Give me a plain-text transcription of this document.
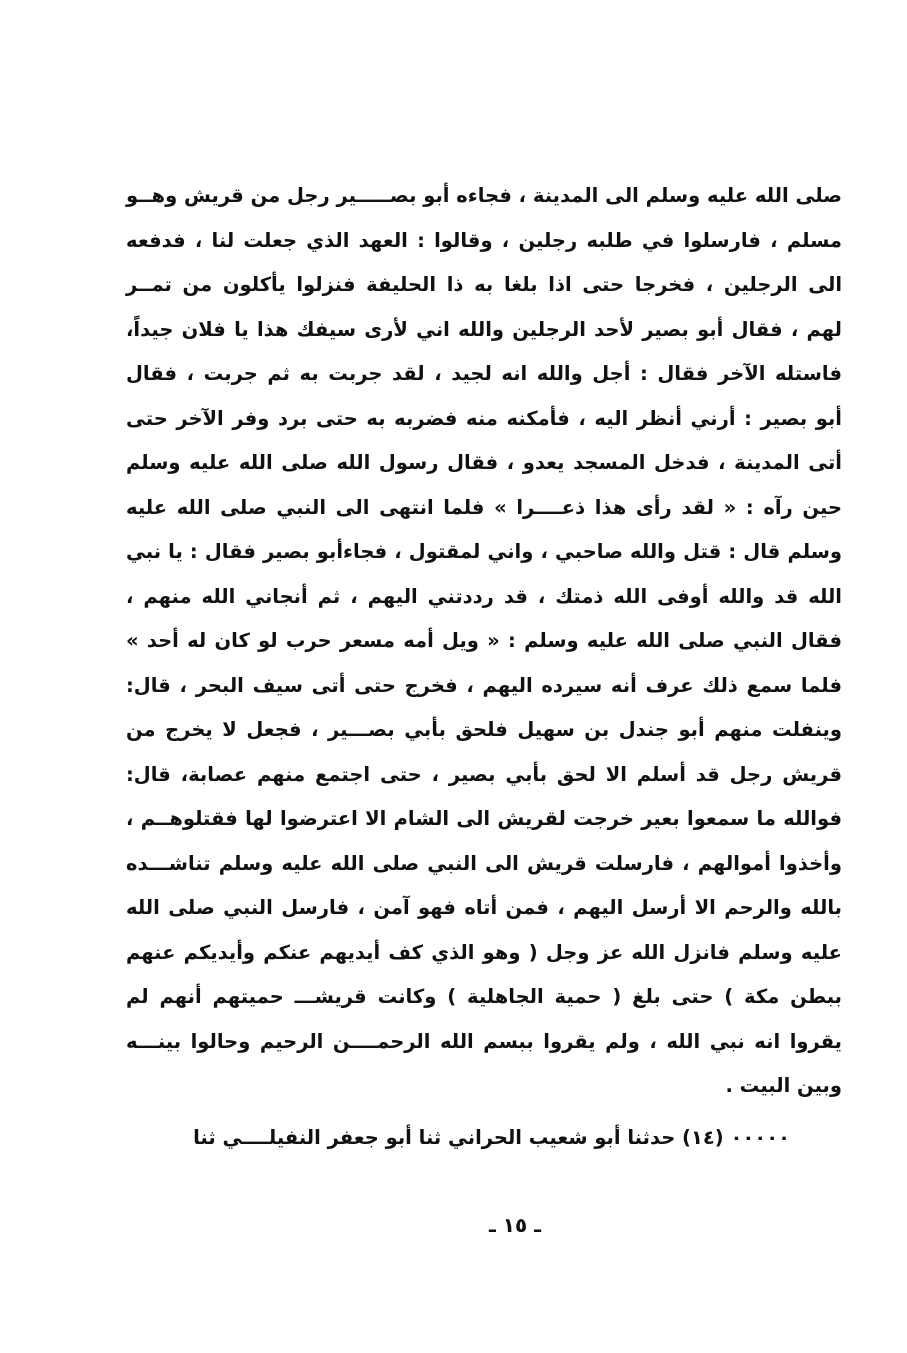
صلى الله عليه وسلم الى المدينة ، فجاءه أبو بصـــــير رجل من قريش وهــو
مسلم ، فارسلوا في طلبه رجلين ، وقالوا : العهد الذي جعلت لنا ، فدفعه
الى الرجلين ، فخرجا حتى اذا بلغا به ذا الحليفة فنزلوا يأكلون من تمــر
لهم ، فقال أبو بصير لأحد الرجلين والله اني لأرى سيفك هذا يا فلان جيداً،
فاستله الآخر فقال : أجل والله انه لجيد ، لقد جربت به ثم جربت ، فقال
أبو بصير : أرني أنظر اليه ، فأمكنه منه فضربه به حتى برد وفر الآخر حتى
أتى المدينة ، فدخل المسجد يعدو ، فقال رسول الله صلى الله عليه وسلم
حين رآه : « لقد رأى هذا ذعــــرا » فلما انتهى الى النبي صلى الله عليه
وسلم قال : قتل والله صاحبي ، واني لمقتول ، فجاءأبو بصير فقال : يا نبي
الله قد والله أوفى الله ذمتك ، قد رددتني اليهم ، ثم أنجاني الله منهم ،
فقال النبي صلى الله عليه وسلم : « ويل أمه مسعر حرب لو كان له أحد »
فلما سمع ذلك عرف أنه سيرده اليهم ، فخرج حتى أتى سيف البحر ، قال:
وينفلت منهم أبو جندل بن سهيل فلحق بأبي بصـــير ، فجعل لا يخرج من
قريش رجل قد أسلم الا لحق بأبي بصير ، حتى اجتمع منهم عصابة، قال:
فوالله ما سمعوا بعير خرجت لقريش الى الشام الا اعترضوا لها فقتلوهــم ،
وأخذوا أموالهم ، فارسلت قريش الى النبي صلى الله عليه وسلم تناشـــده
بالله والرحم الا أرسل اليهم ، فمن أتاه فهو آمن ، فارسل النبي صلى الله
عليه وسلم فانزل الله عز وجل ( وهو الذي كف أيديهم عنكم وأيديكم عنهم
ببطن مكة ) حتى بلغ ( حمية الجاهلية ) وكانت قريشـــ حميتهم أنهم لم
يقروا انه نبي الله ، ولم يقروا ببسم الله الرحمــــن الرحيم وحالوا بينـــه
وبين البيت .
٠٠٠٠٠ (١٤) حدثنا أبو شعيب الحراني ثنا أبو جعفر النفيلــــي ثنا
ـ ١٥ ـ
